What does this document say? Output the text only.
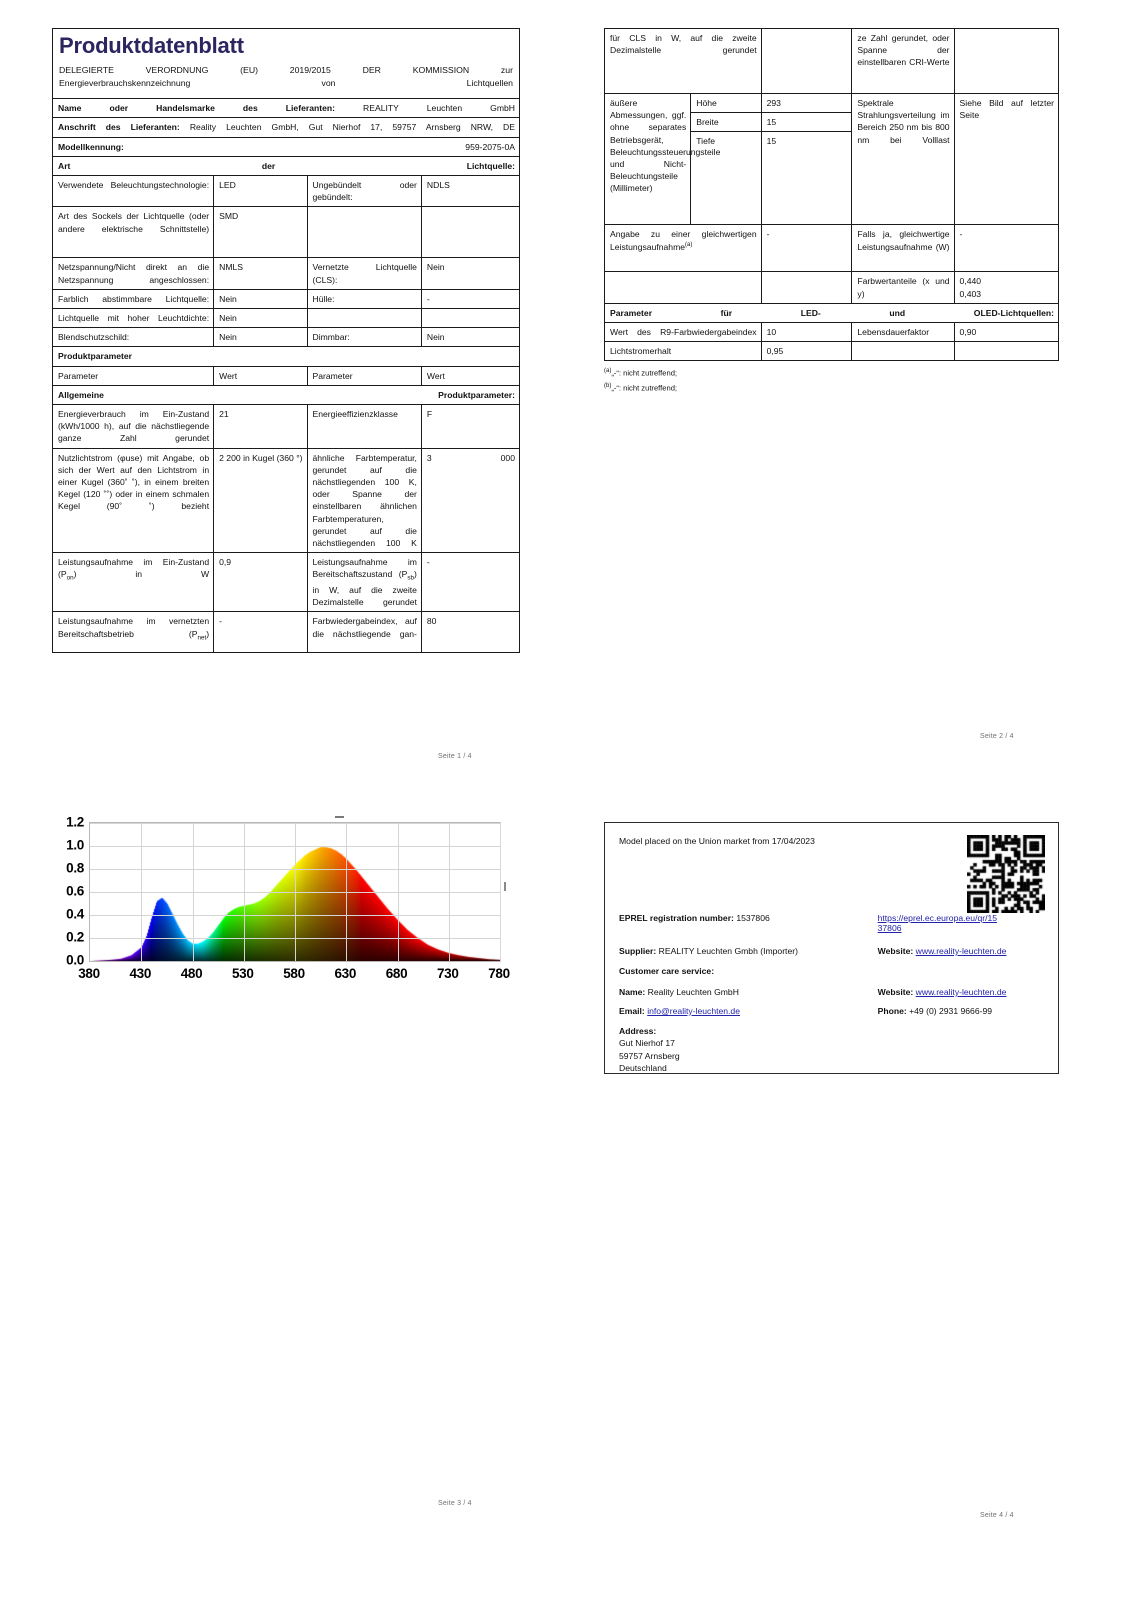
Produktdatenblatt
DELEGIERTE VERORDNUNG (EU) 2019/2015 DER KOMMISSION zur
Energieverbrauchskennzeichnung von Lichtquellen			

Name oder Handelsmarke des Lieferanten: REALITY Leuchten GmbH			
Anschrift des Lieferanten: Reality Leuchten GmbH, Gut Nierhof 17, 59757 Arnsberg NRW, DE			
Modellkennung: 959-2075-0A			
Art der Lichtquelle:			
Verwendete Beleuchtungstechnologie:	LED	Ungebündelt oder gebündelt:	NDLS
Art des Sockels der Lichtquelle (oder andere elektrische Schnittstelle)	SMD		
Netzspannung/Nicht direkt an die Netzspannung angeschlossen:	NMLS	Vernetzte Lichtquelle (CLS):	Nein
Farblich abstimmbare Lichtquelle:	Nein	Hülle:	-
Lichtquelle mit hoher Leuchtdichte:	Nein		
Blendschutzschild:	Nein	Dimmbar:	Nein
Produktparameter			
Parameter	Wert	Parameter	Wert
Allgemeine Produktparameter:			
Energieverbrauch im Ein-Zustand (kWh/1000 h), auf die nächstliegende ganze Zahl gerundet	21	Energieeffizienzklasse	F
Nutzlichtstrom (φuse) mit Angabe, ob sich der Wert auf den Lichtstrom in einer Kugel (360˚ ˚), in einem breiten Kegel (120 ˚˚) oder in einem schmalen Kegel (90˚ ˚) bezieht	2 200 in Kugel (360 °)	ähnliche Farbtemperatur, gerundet auf die nächstliegenden 100 K, oder Spanne der einstellbaren ähnlichen Farbtemperaturen, gerundet auf die nächstliegenden 100 K	3 000
Leistungsaufnahme im Ein-Zustand $(P_{on})$ in W	0,9	Leistungsaufnahme im Bereitschaftszustand $(P_{sb})$ in W, auf die zweite Dezimalstelle gerundet	-
Leistungsaufnahme im vernetzten Bereitschaftsbetrieb $(P_{net})$	-	Farbwiedergabeindex, auf die nächstliegende gan-	80
Seite 1 / 4
für CLS in W, auf die zweite Dezimalstelle gerundet			ze Zahl gerundet, oder Spanne der einstellbaren CRI-Werte	
äußere Abmessungen, ggf. ohne separates Betriebsgerät, Beleuchtungssteuerungsteile und Nicht-Beleuchtungsteile (Millimeter)	Höhe	293	Spektrale Strahlungsverteilung im Bereich 250 nm bis 800 nm bei Volllast	Siehe Bild auf letzter Seite
	Breite	15		
	Tiefe	15		
Angabe zu einer gleichwertigen Leistungsaufnahme$^{(a)}$		-	Falls ja, gleichwertige Leistungsaufnahme (W)	-
			Farbwertanteile (x und y)	0,440
0,403
Parameter für LED- und OLED-Lichtquellen:				
Wert des R9-Farbwiedergabeindex		10	Lebensdauerfaktor	0,90
Lichtstromerhalt		0,95		
$^{(a)}$„-“: nicht zutreffend;
$^{(b)}$„-“: nicht zutreffend;
Seite 2 / 4
0.0
0.2
0.4
0.6
0.8
1.0
1.2
380 430 480 530 580 630 680 730 780
Seite 3 / 4
Model placed on the Union market from 17/04/2023
EPREL registration number: 1537806	https://eprel.ec.europa.eu/qr/15
37806
Supplier: REALITY Leuchten Gmbh (Importer)	Website: www.reality-leuchten.de
Customer care service:
Name: Reality Leuchten GmbH	Website: www.reality-leuchten.de
Email: info@reality-leuchten.de	Phone: +49 (0) 2931 9666-99
Address:
Gut Nierhof 17
59757 Arnsberg
Deutschland
Seite 4 / 4
